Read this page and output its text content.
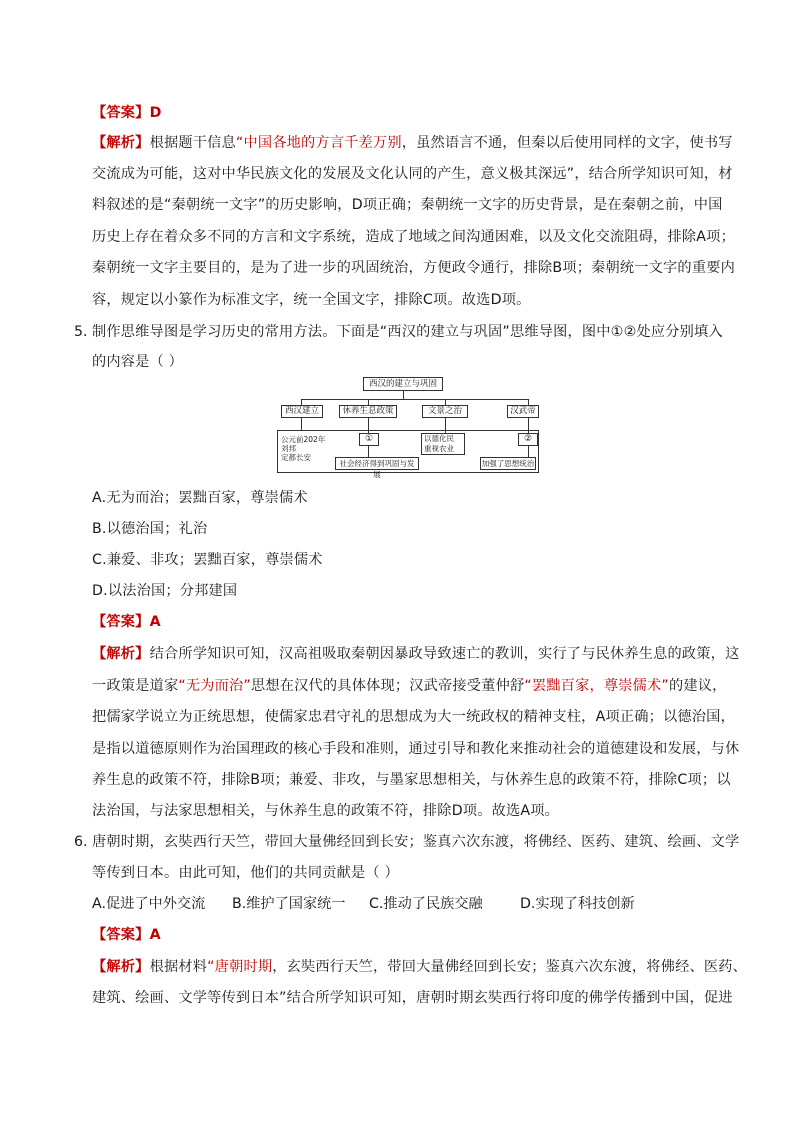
【答案】D
【解析】根据题干信息“中国各地的方言千差万别，虽然语言不通，但秦以后使用同样的文字，使书写
交流成为可能，这对中华民族文化的发展及文化认同的产生，意义极其深远”，结合所学知识可知，材
料叙述的是“秦朝统一文字”的历史影响，D项正确；秦朝统一文字的历史背景，是在秦朝之前，中国
历史上存在着众多不同的方言和文字系统，造成了地域之间沟通困难，以及文化交流阻碍，排除A项；
秦朝统一文字主要目的，是为了进一步的巩固统治，方便政令通行，排除B项；秦朝统一文字的重要内
容，规定以小篆作为标准文字，统一全国文字，排除C项。故选D项。
5．
制作思维导图是学习历史的常用方法。下面是“西汉的建立与巩固”思维导图，图中①②处应分别填入
的内容是（ ）
西汉的建立与巩固
西汉建立	休养生息政策	文景之治	汉武帝
公元前202年
刘邦
定都长安
①	以德化民
重视农业
②
社会经济得到巩固与发展
加强了思想统治
A.无为而治；罢黜百家，尊崇儒术
B.以德治国；礼治
C.兼爱、非攻；罢黜百家，尊崇儒术
D.以法治国；分邦建国
【答案】A
【解析】结合所学知识可知，汉高祖吸取秦朝因暴政导致速亡的教训，实行了与民休养生息的政策，这
一政策是道家“无为而治”思想在汉代的具体体现；汉武帝接受董仲舒“罢黜百家，尊崇儒术”的建议，
把儒家学说立为正统思想，使儒家忠君守礼的思想成为大一统政权的精神支柱，A项正确；以德治国，
是指以道德原则作为治国理政的核心手段和准则，通过引导和教化来推动社会的道德建设和发展，与休
养生息的政策不符，排除B项；兼爱、非攻，与墨家思想相关，与休养生息的政策不符，排除C项；以
法治国，与法家思想相关，与休养生息的政策不符，排除D项。故选A项。
6．
唐朝时期，玄奘西行天竺，带回大量佛经回到长安；鉴真六次东渡，将佛经、医药、建筑、绘画、文学
等传到日本。由此可知，他们的共同贡献是（ ）
A.促进了中外交流 B.维护了国家统一 C.推动了民族交融	D.实现了科技创新
【答案】A
【解析】根据材料“唐朝时期，玄奘西行天竺，带回大量佛经回到长安；鉴真六次东渡，将佛经、医药、
建筑、绘画、文学等传到日本”结合所学知识可知，唐朝时期玄奘西行将印度的佛学传播到中国，促进
